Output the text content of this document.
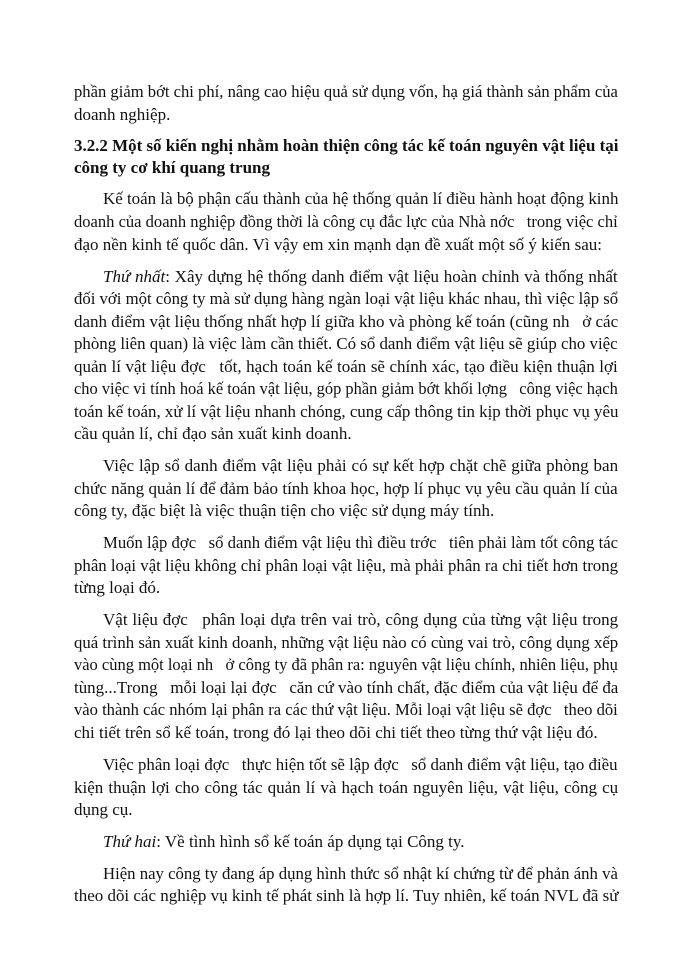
phần giảm bớt chi phí, nâng cao hiệu quả sử dụng vốn, hạ giá thành sản phẩm của
doanh nghiệp.
3.2.2 Một số kiến nghị nhằm hoàn thiện công tác kế toán nguyên vật liệu tại
công ty cơ khí quang trung
Kế toán là bộ phận cấu thành của hệ thống quản lí điều hành hoạt động kinh
doanh của doanh nghiệp đồng thời là công cụ đắc lực của Nhà nớc   trong việc chỉ
đạo nền kinh tế quốc dân. Vì vậy em xin mạnh dạn đề xuất một số ý kiến sau:
Thứ nhất: Xây dựng hệ thống danh điểm vật liệu hoàn chỉnh và thống nhất
đối với một công ty mà sử dụng hàng ngàn loại vật liệu khác nhau, thì việc lập sổ
danh điểm vật liệu thống nhất hợp lí giữa kho và phòng kế toán (cũng nh   ở các
phòng liên quan) là việc làm cần thiết. Có sổ danh điểm vật liệu sẽ giúp cho việc
quản lí vật liệu đợc   tốt, hạch toán kế toán sẽ chính xác, tạo điều kiện thuận lợi
cho việc vi tính hoá kế toán vật liệu, góp phần giảm bớt khối lợng   công việc hạch
toán kế toán, xử lí vật liệu nhanh chóng, cung cấp thông tin kịp thời phục vụ yêu
cầu quản lí, chỉ đạo sản xuất kinh doanh.
Việc lập sổ danh điểm vật liệu phải có sự kết hợp chặt chẽ giữa phòng ban
chức năng quản lí để đảm bảo tính khoa học, hợp lí phục vụ yêu cầu quản lí của
công ty, đặc biệt là việc thuận tiện cho việc sử dụng máy tính.
Muốn lập đợc   sổ danh điểm vật liệu thì điều trớc   tiên phải làm tốt công tác
phân loại vật liệu không chỉ phân loại vật liệu, mà phải phân ra chi tiết hơn trong
từng loại đó.
Vật liệu đợc   phân loại dựa trên vai trò, công dụng của từng vật liệu trong
quá trình sản xuất kinh doanh, những vật liệu nào có cùng vai trò, công dụng xếp
vào cùng một loại nh   ở công ty đã phân ra: nguyên vật liệu chính, nhiên liệu, phụ
tùng...Trong   mỗi loại lại đợc   căn cứ vào tính chất, đặc điểm của vật liệu để đa
vào thành các nhóm lại phân ra các thứ vật liệu. Mỗi loại vật liệu sẽ đợc   theo dõi
chi tiết trên sổ kế toán, trong đó lại theo dõi chi tiết theo từng thứ vật liệu đó.
Việc phân loại đợc   thực hiện tốt sẽ lập đợc   sổ danh điểm vật liệu, tạo điều
kiện thuận lợi cho công tác quản lí và hạch toán nguyên liệu, vật liệu, công cụ
dụng cụ.
Thứ hai: Về tình hình sổ kế toán áp dụng tại Công ty.
Hiện nay công ty đang áp dụng hình thức sổ nhật kí chứng từ để phản ánh và
theo dõi các nghiệp vụ kinh tế phát sinh là hợp lí. Tuy nhiên, kế toán NVL đã sử
